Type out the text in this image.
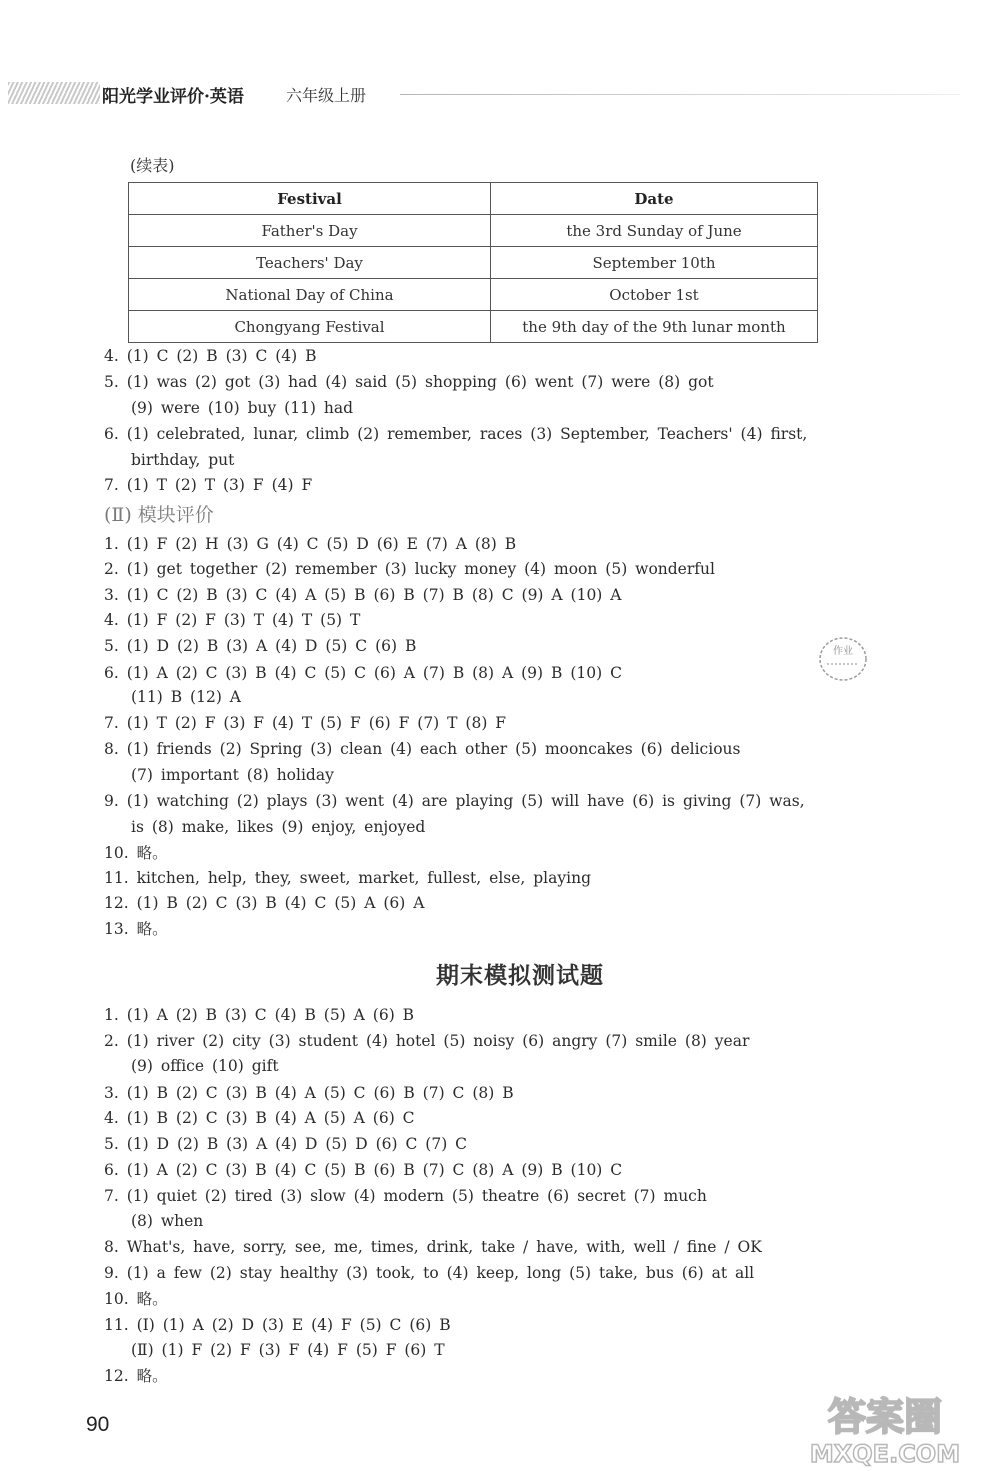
阳光学业评价·英语	六年级上册
(续表)
Festival	Date
Father's Day	the 3rd Sunday of June
Teachers' Day	September 10th
National Day of China	October 1st
Chongyang Festival	the 9th day of the 9th lunar month
4. (1) C (2) B (3) C (4) B
5. (1) was (2) got (3) had (4) said (5) shopping (6) went (7) were (8) got
(9) were (10) buy (11) had
6. (1) celebrated, lunar, climb (2) remember, races (3) September, Teachers' (4) first,
birthday, put
7. (1) T (2) T (3) F (4) F
(Ⅱ) 模块评价
1. (1) F (2) H (3) G (4) C (5) D (6) E (7) A (8) B
2. (1) get together (2) remember (3) lucky money (4) moon (5) wonderful
3. (1) C (2) B (3) C (4) A (5) B (6) B (7) B (8) C (9) A (10) A
4. (1) F (2) F (3) T (4) T (5) T
5. (1) D (2) B (3) A (4) D (5) C (6) B
6. (1) A (2) C (3) B (4) C (5) C (6) A (7) B (8) A (9) B (10) C
(11) B (12) A
7. (1) T (2) F (3) F (4) T (5) F (6) F (7) T (8) F
8. (1) friends (2) Spring (3) clean (4) each other (5) mooncakes (6) delicious
(7) important (8) holiday
9. (1) watching (2) plays (3) went (4) are playing (5) will have (6) is giving (7) was,
is (8) make, likes (9) enjoy, enjoyed
10. 略。
11. kitchen, help, they, sweet, market, fullest, else, playing
12. (1) B (2) C (3) B (4) C (5) A (6) A
13. 略。
期末模拟测试题
1. (1) A (2) B (3) C (4) B (5) A (6) B
2. (1) river (2) city (3) student (4) hotel (5) noisy (6) angry (7) smile (8) year
(9) office (10) gift
3. (1) B (2) C (3) B (4) A (5) C (6) B (7) C (8) B
4. (1) B (2) C (3) B (4) A (5) A (6) C
5. (1) D (2) B (3) A (4) D (5) D (6) C (7) C
6. (1) A (2) C (3) B (4) C (5) B (6) B (7) C (8) A (9) B (10) C
7. (1) quiet (2) tired (3) slow (4) modern (5) theatre (6) secret (7) much
(8) when
8. What's, have, sorry, see, me, times, drink, take / have, with, well / fine / OK
9. (1) a few (2) stay healthy (3) took, to (4) keep, long (5) take, bus (6) at all
10. 略。
11. (Ⅰ) (1) A (2) D (3) E (4) F (5) C (6) B
(Ⅱ) (1) F (2) F (3) F (4) F (5) F (6) T
12. 略。
90
作业
答案圈
MXQE.COM
